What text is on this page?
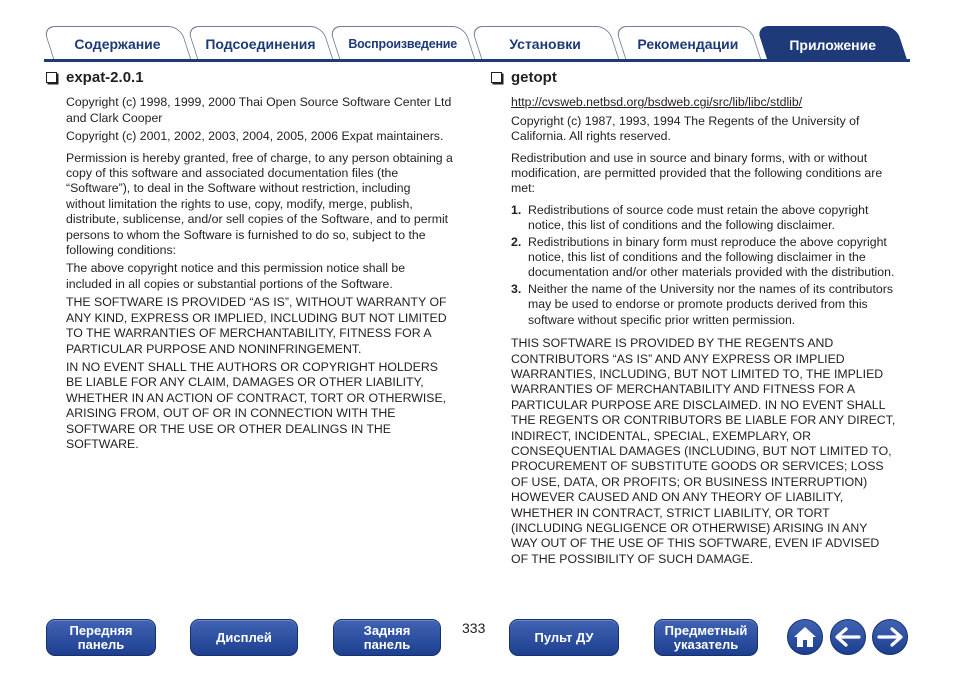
Содержание	Подсоединения	Воспроизведение	Установки	Рекомендации	Приложение
expat-2.0.1

Copyright (c) 1998, 1999, 2000 Thai Open Source Software Center Ltd
and Clark Cooper

Copyright (c) 2001, 2002, 2003, 2004, 2005, 2006 Expat maintainers.

Permission is hereby granted, free of charge, to any person obtaining a
copy of this software and associated documentation files (the
“Software”), to deal in the Software without restriction, including
without limitation the rights to use, copy, modify, merge, publish,
distribute, sublicense, and/or sell copies of the Software, and to permit
persons to whom the Software is furnished to do so, subject to the
following conditions:

The above copyright notice and this permission notice shall be
included in all copies or substantial portions of the Software.

THE SOFTWARE IS PROVIDED “AS IS”, WITHOUT WARRANTY OF
ANY KIND, EXPRESS OR IMPLIED, INCLUDING BUT NOT LIMITED
TO THE WARRANTIES OF MERCHANTABILITY, FITNESS FOR A
PARTICULAR PURPOSE AND NONINFRINGEMENT.

IN NO EVENT SHALL THE AUTHORS OR COPYRIGHT HOLDERS
BE LIABLE FOR ANY CLAIM, DAMAGES OR OTHER LIABILITY,
WHETHER IN AN ACTION OF CONTRACT, TORT OR OTHERWISE,
ARISING FROM, OUT OF OR IN CONNECTION WITH THE
SOFTWARE OR THE USE OR OTHER DEALINGS IN THE
SOFTWARE.

getopt

http://cvsweb.netbsd.org/bsdweb.cgi/src/lib/libc/stdlib/

Copyright (c) 1987, 1993, 1994 The Regents of the University of
California. All rights reserved.

Redistribution and use in source and binary forms, with or without
modification, are permitted provided that the following conditions are
met:

1. Redistributions of source code must retain the above copyright
notice, this list of conditions and the following disclaimer.
2. Redistributions in binary form must reproduce the above copyright
notice, this list of conditions and the following disclaimer in the
documentation and/or other materials provided with the distribution.
3. Neither the name of the University nor the names of its contributors
may be used to endorse or promote products derived from this
software without specific prior written permission.

THIS SOFTWARE IS PROVIDED BY THE REGENTS AND
CONTRIBUTORS “AS IS” AND ANY EXPRESS OR IMPLIED
WARRANTIES, INCLUDING, BUT NOT LIMITED TO, THE IMPLIED
WARRANTIES OF MERCHANTABILITY AND FITNESS FOR A
PARTICULAR PURPOSE ARE DISCLAIMED. IN NO EVENT SHALL
THE REGENTS OR CONTRIBUTORS BE LIABLE FOR ANY DIRECT,
INDIRECT, INCIDENTAL, SPECIAL, EXEMPLARY, OR
CONSEQUENTIAL DAMAGES (INCLUDING, BUT NOT LIMITED TO,
PROCUREMENT OF SUBSTITUTE GOODS OR SERVICES; LOSS
OF USE, DATA, OR PROFITS; OR BUSINESS INTERRUPTION)
HOWEVER CAUSED AND ON ANY THEORY OF LIABILITY,
WHETHER IN CONTRACT, STRICT LIABILITY, OR TORT
(INCLUDING NEGLIGENCE OR OTHERWISE) ARISING IN ANY
WAY OUT OF THE USE OF THIS SOFTWARE, EVEN IF ADVISED
OF THE POSSIBILITY OF SUCH DAMAGE.

Передняя
панель	Дисплей	Задняя
панель
333
Пульт ДУ	Предметный
указатель
